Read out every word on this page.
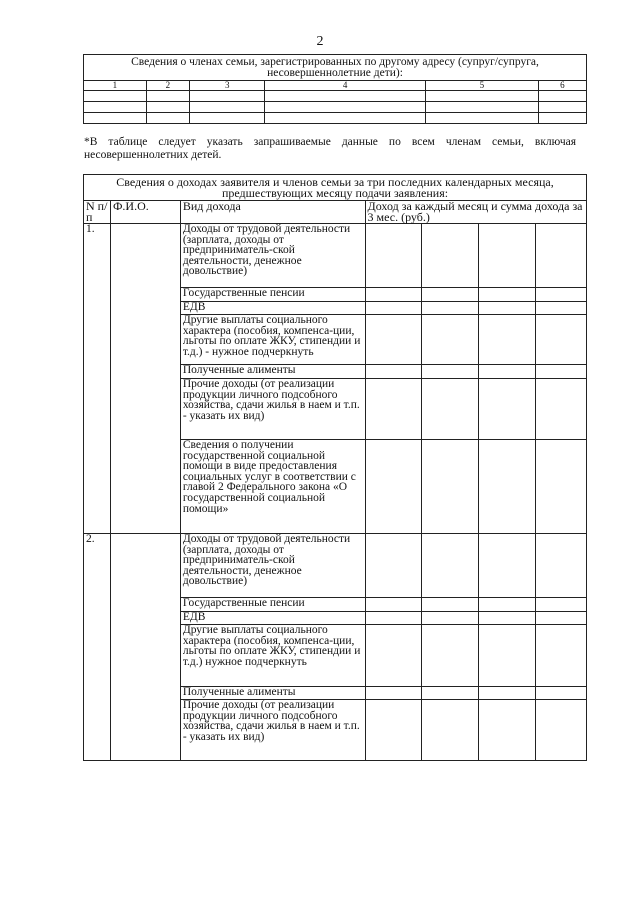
2
Сведения о членах семьи, зарегистрированных по другому адресу (супруг/супруга, несовершеннолетние дети):					
1	2	3	4	5	6

*В таблице следует указать запрашиваемые данные по всем членам семьи, включая несовершеннолетних детей.
Сведения о доходах заявителя и членов семьи за три последних календарных месяца, предшествующих месяцу подачи заявления:						
N п/п	Ф.И.О.	Вид дохода	Доход за каждый месяц и сумма дохода за 3 мес. (руб.)			
1.		Доходы от трудовой деятельности (зарплата, доходы от предприниматель-ской деятельности, денежное довольствие)				
		Государственные пенсии				
		ЕДВ				
		Другие выплаты социального характера (пособия, компенса-ции, льготы по оплате ЖКУ, стипендии и т.д.) - нужное подчеркнуть				
		Полученные алименты				
		Прочие доходы (от реализации продукции личного подсобного хозяйства, сдачи жилья в наем и т.п. - указать их вид)				
		Сведения о получении государственной социальной помощи в виде предоставления социальных услуг в соответствии с главой 2 Федерального закона «О государственной социальной помощи»				
2.		Доходы от трудовой деятельности (зарплата, доходы от предприниматель-ской деятельности, денежное довольствие)				
		Государственные пенсии				
		ЕДВ				
		Другие выплаты социального характера (пособия, компенса-ции, льготы по оплате ЖКУ, стипендии и т.д.) нужное подчеркнуть				
		Полученные алименты				
		Прочие доходы (от реализации продукции личного подсобного хозяйства, сдачи жилья в наем и т.п. - указать их вид)				
